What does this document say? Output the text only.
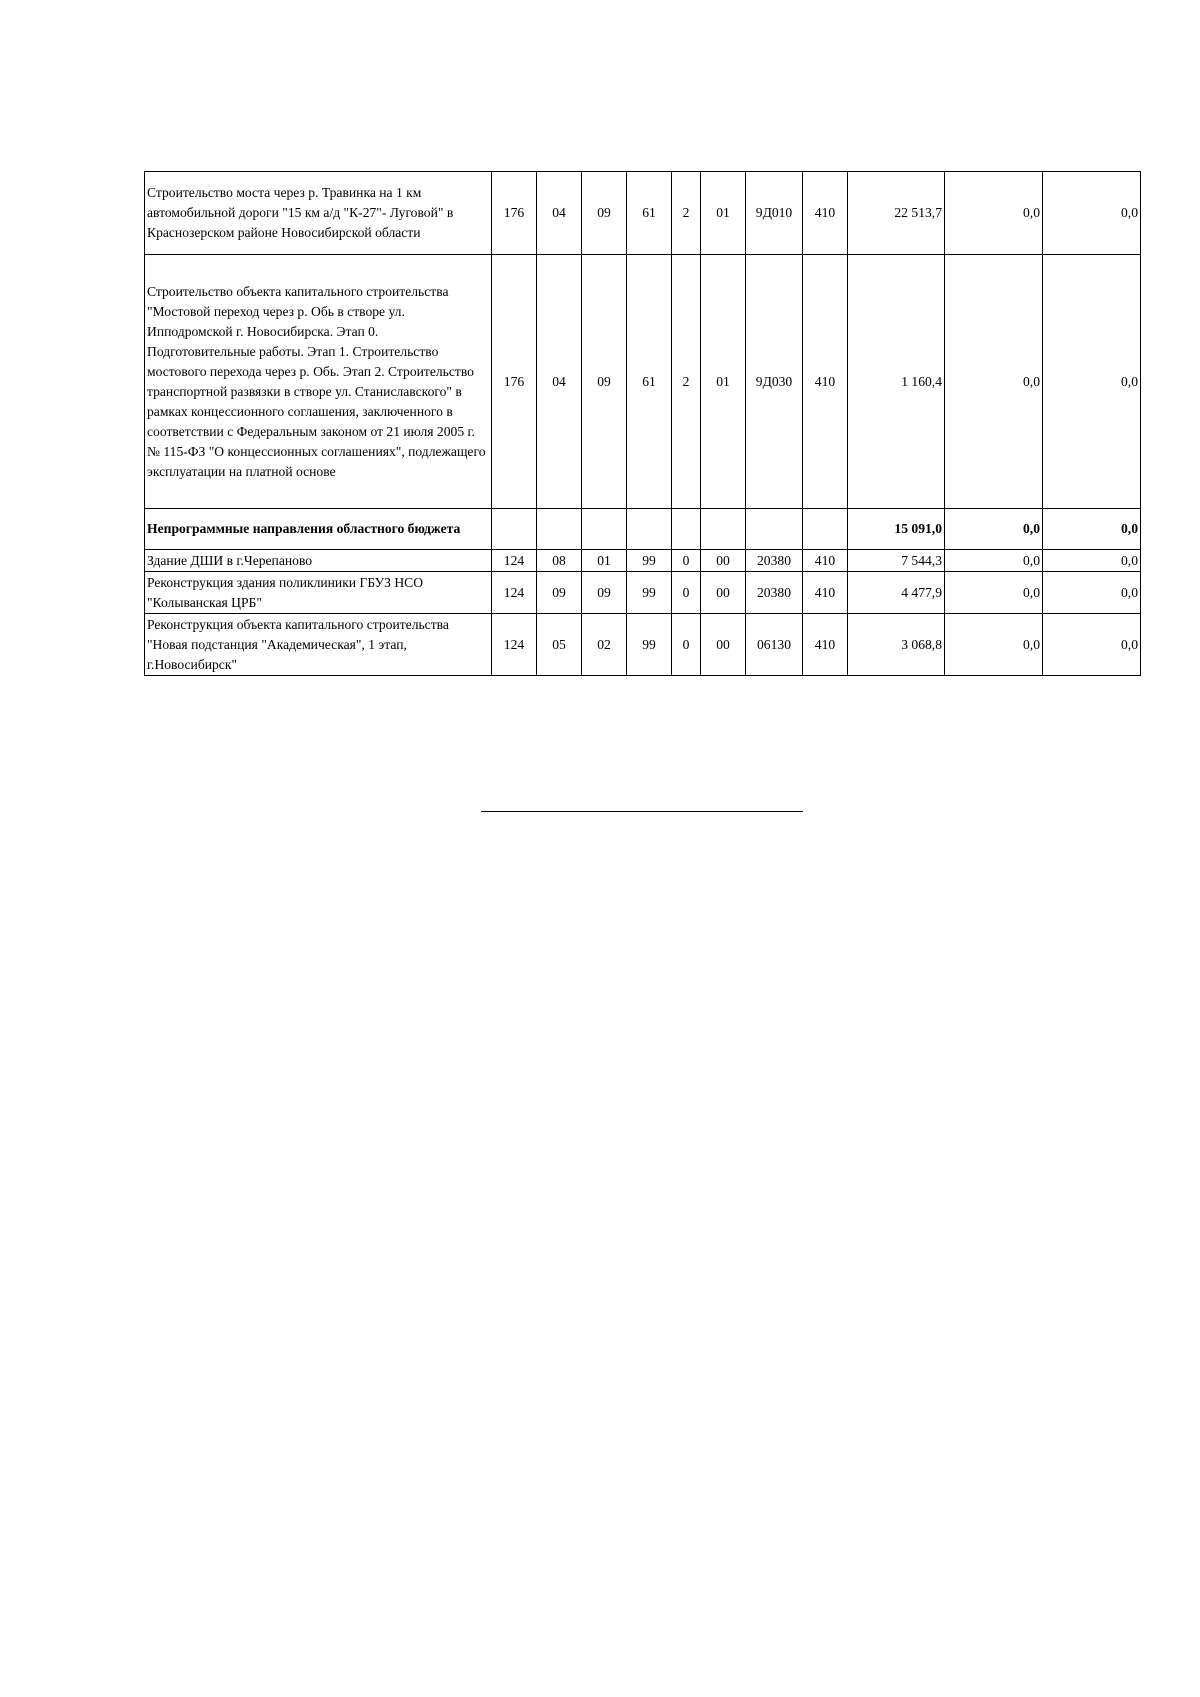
Строительство моста через р. Травинка на 1 км автомобильной дороги "15 км а/д "К-27"- Луговой" в Краснозерском районе Новосибирской области	176	04	09	61	2	01	9Д010	410	22 513,7	0,0	0,0
Строительство объекта капитального строительства "Мостовой переход через р. Обь в створе ул. Ипподромской г. Новосибирска. Этап 0. Подготовительные работы. Этап 1. Строительство мостового перехода через р. Обь. Этап 2. Строительство транспортной развязки в створе ул. Станиславского" в рамках концессионного соглашения, заключенного в соответствии с Федеральным законом от 21 июля 2005 г. № 115-ФЗ "О концессионных соглашениях", подлежащего эксплуатации на платной основе	176	04	09	61	2	01	9Д030	410	1 160,4	0,0	0,0
Непрограммные направления областного бюджета									15 091,0	0,0	0,0
Здание ДШИ в г.Черепаново	124	08	01	99	0	00	20380	410	7 544,3	0,0	0,0
Реконструкция здания поликлиники ГБУЗ НСО "Колыванская ЦРБ"	124	09	09	99	0	00	20380	410	4 477,9	0,0	0,0
Реконструкция объекта капитального строительства "Новая подстанция "Академическая", 1 этап, г.Новосибирск"	124	05	02	99	0	00	06130	410	3 068,8	0,0	0,0
